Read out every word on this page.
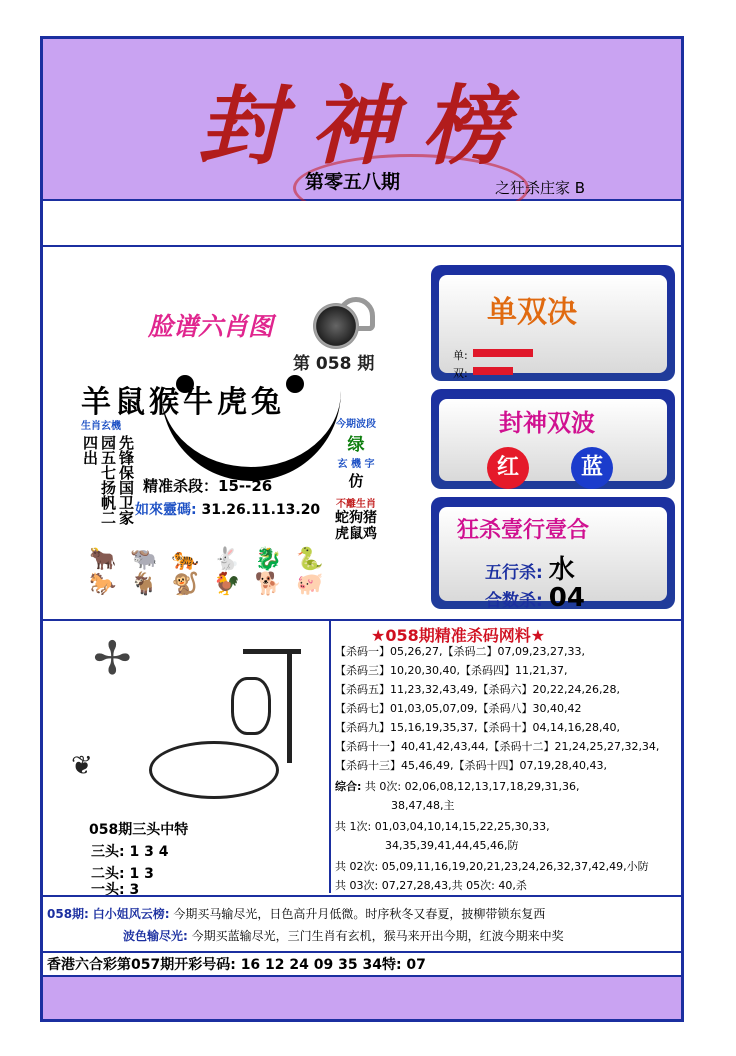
封神榜
第零五八期	之狂杀庄家 B
脸谱六肖图
第 058 期
羊鼠猴牛虎兔
生肖玄機
先锋保国卫家园五七扬帆二四出
今期波段
绿
玄 機 字
仿
不離生肖
蛇狗猪虎鼠鸡
精准杀段：15--26
如來靈碼: 31.26.11.13.20
🐂🐃🐅🐇🐉🐍
🐎🐐🐒🐓🐕🐖
单双决
单:
双:
封神双波
红	蓝
狂杀壹行壹合
五行杀: 水
合数杀: 04
✢
❦
058期三头中特
三头: 1 3 4
二头: 1 3
一头: 3
★058期精准杀码网料★
【杀码一】05,26,27,【杀码二】07,09,23,27,33,
【杀码三】10,20,30,40,【杀码四】11,21,37,
【杀码五】11,23,32,43,49,【杀码六】20,22,24,26,28,
【杀码七】01,03,05,07,09,【杀码八】30,40,42
【杀码九】15,16,19,35,37,【杀码十】04,14,16,28,40,
【杀码十一】40,41,42,43,44,【杀码十二】21,24,25,27,32,34,
【杀码十三】45,46,49,【杀码十四】07,19,28,40,43,
综合: 共 0次: 02,06,08,12,13,17,18,29,31,36,
38,47,48,主
共 1次: 01,03,04,10,14,15,22,25,30,33,
34,35,39,41,44,45,46,防
共 02次: 05,09,11,16,19,20,21,23,24,26,32,37,42,49,小防
共 03次: 07,27,28,43,共 05次: 40,杀
058期: 白小姐风云榜: 今期买马输尽光，日色高升月低微。时序秋冬又春夏，披柳带锁东复西
波色输尽光: 今期买蓝输尽光，三门生肖有玄机，猴马来开出今期，红波今期来中奖
香港六合彩第057期开彩号码: 16 12 24 09 35 34特: 07
